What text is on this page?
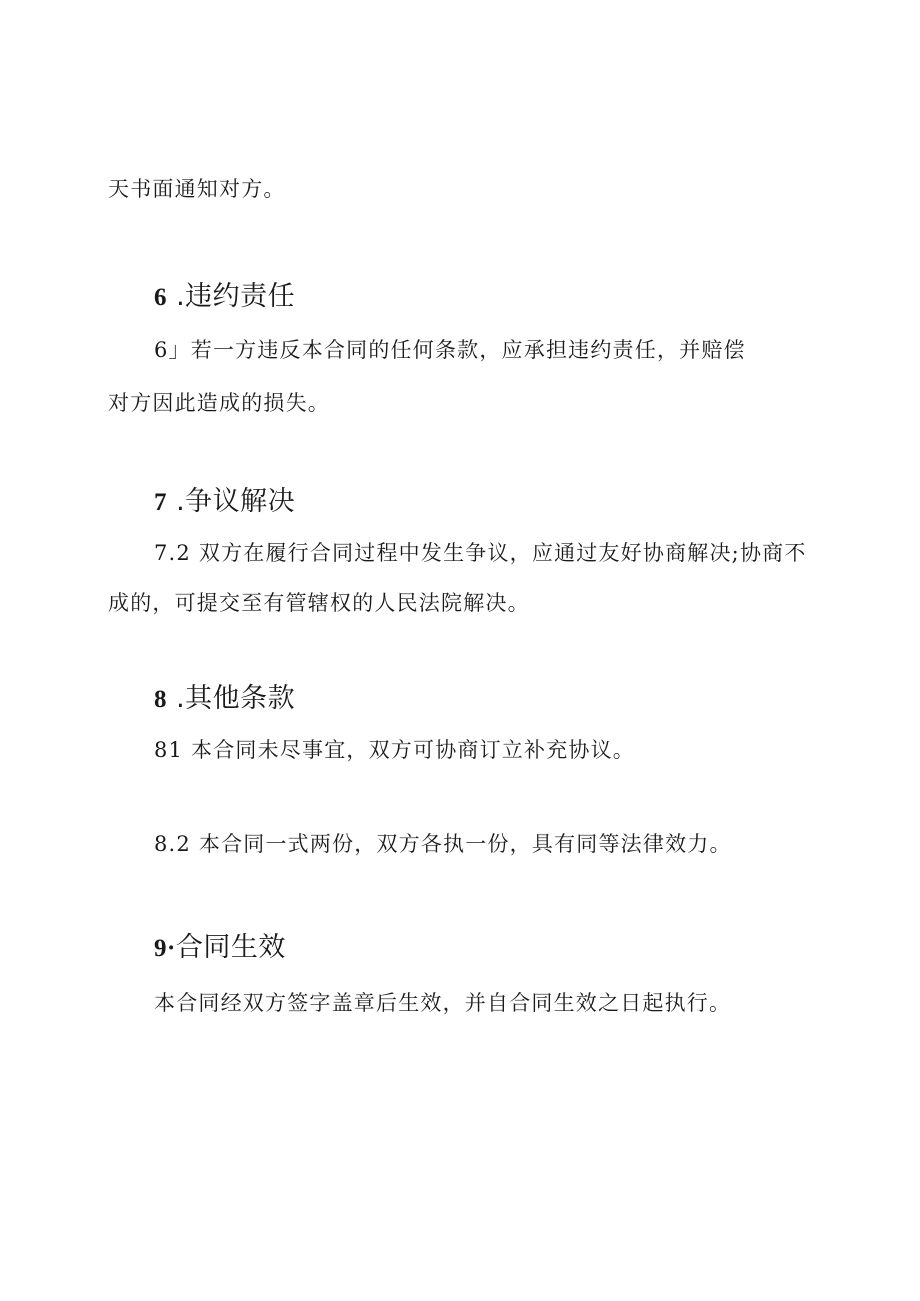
天书面通知对方。
6 .违约责任
6」若一方违反本合同的任何条款，应承担违约责任，并赔偿
对方因此造成的损失。
7 .争议解决
7.2 双方在履行合同过程中发生争议，应通过友好协商解决;协商不
成的，可提交至有管辖权的人民法院解决。
8 .其他条款
81 本合同未尽事宜，双方可协商订立补充协议。
8.2 本合同一式两份，双方各执一份，具有同等法律效力。
9·合同生效
本合同经双方签字盖章后生效，并自合同生效之日起执行。
